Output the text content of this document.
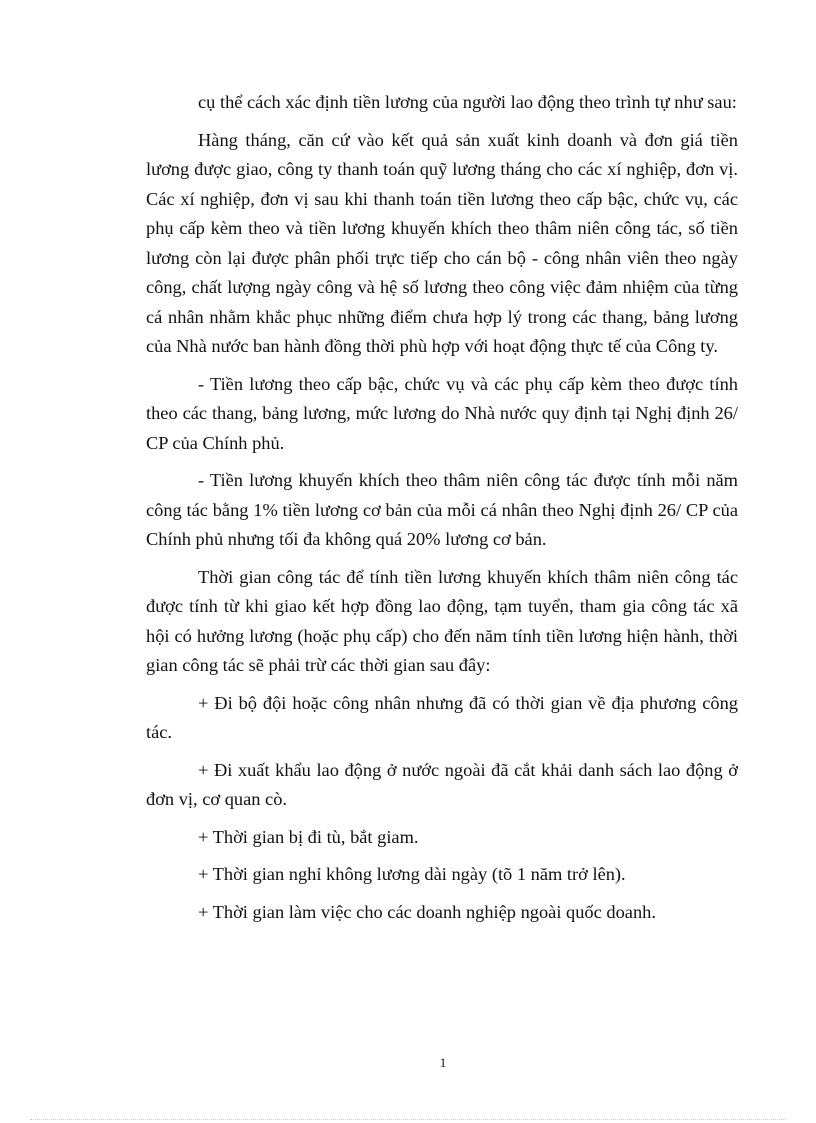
cụ thể cách xác định tiền lương của người lao động theo trình tự như sau:

Hàng tháng, căn cứ vào kết quả sản xuất kinh doanh và đơn giá tiền lương được giao, công ty thanh toán quỹ lương tháng cho các xí nghiệp, đơn vị. Các xí nghiệp, đơn vị sau khi thanh toán tiền lương theo cấp bậc, chức vụ, các phụ cấp kèm theo và tiền lương khuyến khích theo thâm niên công tác, số tiền lương còn lại được phân phối trực tiếp cho cán bộ - công nhân viên theo ngày công, chất lượng ngày công và hệ số lương theo công việc đảm nhiệm của từng cá nhân nhằm khắc phục những điểm chưa hợp lý trong các thang, bảng lương của Nhà nước ban hành đồng thời phù hợp với hoạt động thực tế của Công ty.

- Tiền lương theo cấp bậc, chức vụ và các phụ cấp kèm theo được tính theo các thang, bảng lương, mức lương do Nhà nước quy định tại Nghị định 26/ CP của Chính phủ.

- Tiền lương khuyến khích theo thâm niên công tác được tính mỗi năm công tác bằng 1% tiền lương cơ bản của mỗi cá nhân theo Nghị định 26/ CP của Chính phủ nhưng tối đa không quá 20% lương cơ bản.

Thời gian công tác để tính tiền lương khuyến khích thâm niên công tác được tính từ khi giao kết hợp đồng lao động, tạm tuyển, tham gia công tác xã hội có hưởng lương (hoặc phụ cấp) cho đến năm tính tiền lương hiện hành, thời gian công tác sẽ phải trừ các thời gian sau đây:

+ Đi bộ đội hoặc công nhân nhưng đã có thời gian về địa phương công tác.

+ Đi xuất khẩu lao động ở nước ngoài đã cắt khải danh sách lao động ở đơn vị, cơ quan cò.

+ Thời gian bị đi tù, bắt giam.

+ Thời gian nghỉ không lương dài ngày (tõ 1 năm trở lên).

+ Thời gian làm việc cho các doanh nghiệp ngoài quốc doanh.

1
